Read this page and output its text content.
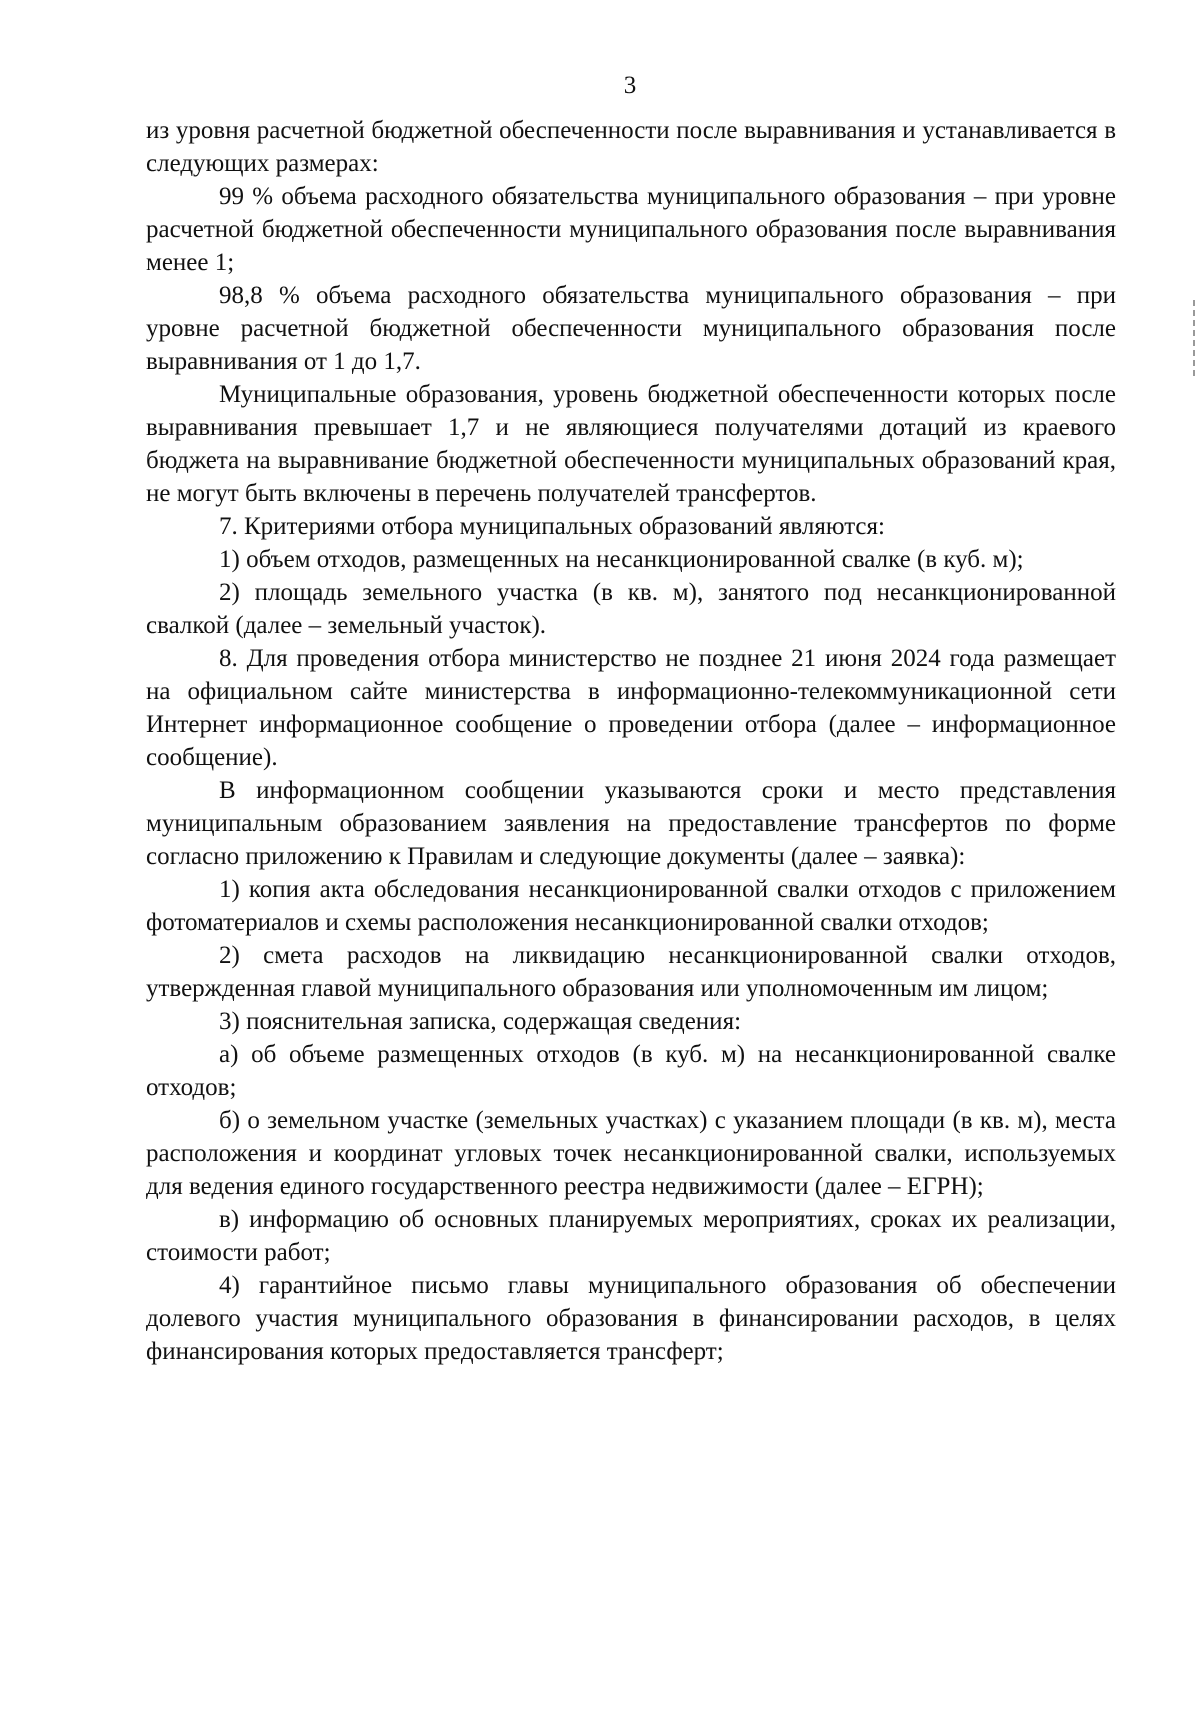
3

из уровня расчетной бюджетной обеспеченности после выравнивания и устанавливается в следующих размерах:

99 % объема расходного обязательства муниципального образования – при уровне расчетной бюджетной обеспеченности муниципального образования после выравнивания менее 1;

98,8 % объема расходного обязательства муниципального образования – при уровне расчетной бюджетной обеспеченности муниципального образования после выравнивания от 1 до 1,7.

Муниципальные образования, уровень бюджетной обеспеченности которых после выравнивания превышает 1,7 и не являющиеся получателями дотаций из краевого бюджета на выравнивание бюджетной обеспеченности муниципальных образований края, не могут быть включены в перечень получателей трансфертов.

7. Критериями отбора муниципальных образований являются:

1) объем отходов, размещенных на несанкционированной свалке (в куб. м);

2) площадь земельного участка (в кв. м), занятого под несанкционированной свалкой (далее – земельный участок).

8. Для проведения отбора министерство не позднее 21 июня 2024 года размещает на официальном сайте министерства в информационно-телекоммуникационной сети Интернет информационное сообщение о проведении отбора (далее – информационное сообщение).

В информационном сообщении указываются сроки и место представления муниципальным образованием заявления на предоставление трансфертов по форме согласно приложению к Правилам и следующие документы (далее – заявка):

1) копия акта обследования несанкционированной свалки отходов с приложением фотоматериалов и схемы расположения несанкционированной свалки отходов;

2) смета расходов на ликвидацию несанкционированной свалки отходов, утвержденная главой муниципального образования или уполномоченным им лицом;

3) пояснительная записка, содержащая сведения:

а) об объеме размещенных отходов (в куб. м) на несанкционированной свалке отходов;

б) о земельном участке (земельных участках) с указанием площади (в кв. м), места расположения и координат угловых точек несанкционированной свалки, используемых для ведения единого государственного реестра недвижимости (далее – ЕГРН);

в) информацию об основных планируемых мероприятиях, сроках их реализации, стоимости работ;

4) гарантийное письмо главы муниципального образования об обеспечении долевого участия муниципального образования в финансировании расходов, в целях финансирования которых предоставляется трансферт;
